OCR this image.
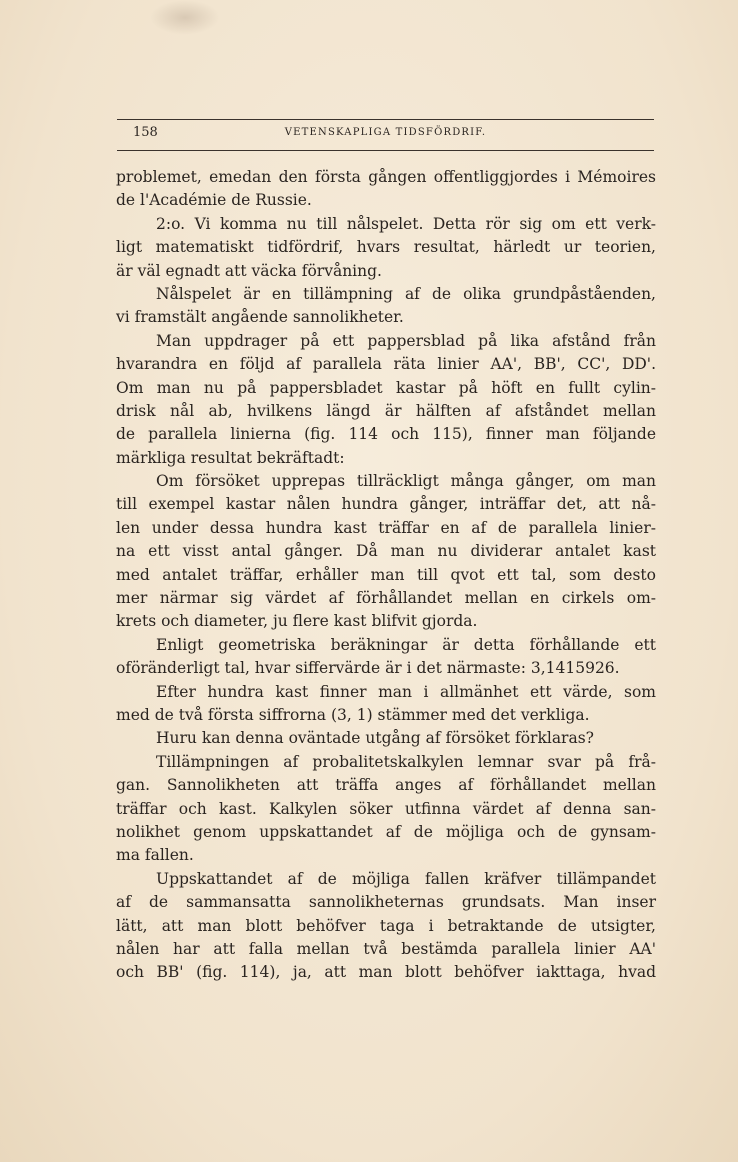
158	VETENSKAPLIGA TIDSFÖRDRIF.
problemet, emedan den första gången offentliggjordes i Mémoires
de l'Académie de Russie.
2:o. Vi komma nu till nålspelet. Detta rör sig om ett verk-
ligt matematiskt tidfördrif, hvars resultat, härledt ur teorien,
är väl egnadt att väcka förvåning.
Nålspelet är en tillämpning af de olika grundpåståenden,
vi framstält angående sannolikheter.
Man uppdrager på ett pappersblad på lika afstånd från
hvarandra en följd af parallela räta linier AA', BB', CC', DD'.
Om man nu på pappersbladet kastar på höft en fullt cylin-
drisk nål ab, hvilkens längd är hälften af afståndet mellan
de parallela linierna (fig. 114 och 115), finner man följande
märkliga resultat bekräftadt:
Om försöket upprepas tillräckligt många gånger, om man
till exempel kastar nålen hundra gånger, inträffar det, att nå-
len under dessa hundra kast träffar en af de parallela linier-
na ett visst antal gånger. Då man nu dividerar antalet kast
med antalet träffar, erhåller man till qvot ett tal, som desto
mer närmar sig värdet af förhållandet mellan en cirkels om-
krets och diameter, ju flere kast blifvit gjorda.
Enligt geometriska beräkningar är detta förhållande ett
oföränderligt tal, hvar siffervärde är i det närmaste: 3,1415926.
Efter hundra kast finner man i allmänhet ett värde, som
med de två första siffrorna (3, 1) stämmer med det verkliga.
Huru kan denna oväntade utgång af försöket förklaras?
Tillämpningen af probalitetskalkylen lemnar svar på frå-
gan. Sannolikheten att träffa anges af förhållandet mellan
träffar och kast. Kalkylen söker utfinna värdet af denna san-
nolikhet genom uppskattandet af de möjliga och de gynsam-
ma fallen.
Uppskattandet af de möjliga fallen kräfver tillämpandet
af de sammansatta sannolikheternas grundsats. Man inser
lätt, att man blott behöfver taga i betraktande de utsigter,
nålen har att falla mellan två bestämda parallela linier AA'
och BB' (fig. 114), ja, att man blott behöfver iakttaga, hvad
